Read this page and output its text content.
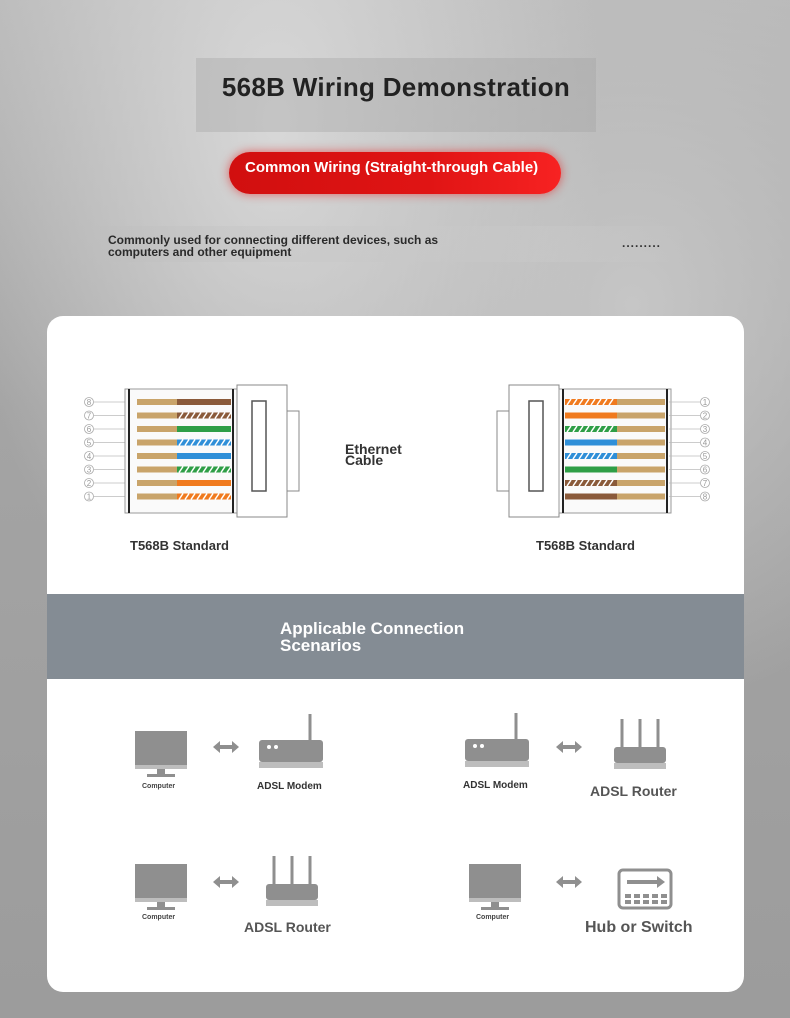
568B Wiring Demonstration
Common Wiring (Straight-through Cable)
Commonly used for connecting different devices, such as computers and other equipment
.........
8
7
6
5
4
3
2
1
Ethernet Cable
1
2
3
4
5
6
7
8
T568B Standard	T568B Standard
Applicable Connection Scenarios
Computer	ADSL Modem	ADSL Modem	ADSL Router
Computer
ADSL Router
Computer
Hub or Switch
